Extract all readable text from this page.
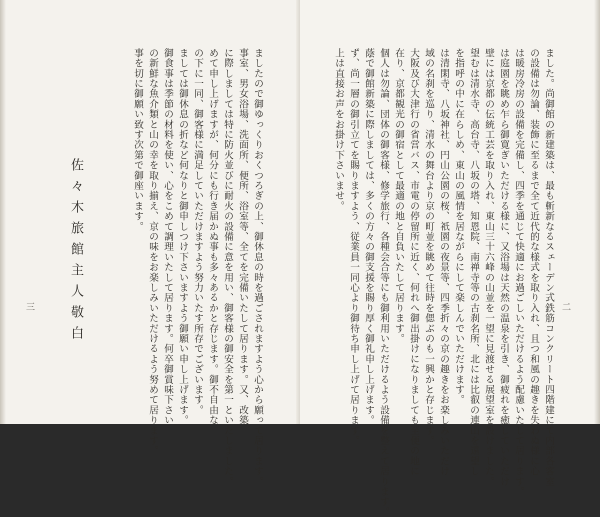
ましたので御ゆっくりおくつろぎの上、御休息の時を過ごされますよう心から願って居ります。
事室、男女浴場、洗面所、便所、浴室等、全てを完備いたして居ります。又、改築
に際しましては特に防火並びに耐火の設備に意を用い、御客様の御安全を第一といたしました。
めて申し上げますが、何分にも行き届かぬ事も多々あるかと存じます。御不自由な
の下に一同、御客様に満足していただけますよう努力いたす所存でございます。
ましては御休息の折など何なりと御申しつけ下さいますよう御願い申し上げます。
御食事は季節の材料を使い、心をこめて調理いたして居ります。何卒御賞味下さい
の新鮮な魚介類と山の幸を取り揃え、京の味をお楽しみいただけるよう努めて居ります。
事を切に御願い致す次第で御座います。
佐々木旅館主人敬白
三	ました。尚御館の新建築は、最も斬新なるスェーデン式鉄筋コンクリート四階建にて内部各客室
の設備は勿論、装飾に至るまで全て近代的な様式を取り入れ、且つ和風の趣きを失わぬ様に心
は暖房冷房の設備を完備し、四季を通じて快適にお過ごしいただけるよう配慮いたして居ります。
は庭園を眺め乍ら御寛ぎいただける様に、又浴場は天然の温泉を引き、御疲れを癒していただけ
壁には京都の伝統工芸を取り入れ、東山三十六峰の山並を一望に見渡せる展望室を設けました。
望むは清水寺、高台寺、八坂の塔、知恩院、南禅寺等の古刹名所、北には比叡の連山を遠望し
を指呼の中に在らしめ、東山の風情を居ながらにして楽しんでいただけます。
は清閑寺、八坂神社、円山公園の桜、祇園の夜景等、四季折々の京の趣きをお楽しみいただけ
域の名刹を巡り、清水の舞台より京の町並を眺めて往時を偲ぶのも一興かと存じます。
大阪及び大津行の省営バス、市電の停留所に近く、何れへ御出掛けになりましても至便の地に
在り、京都観光の御宿として最適の地と自負いたして居ります。
個人は勿論、団体の御客様、修学旅行、各種会合等にも御利用いただけるよう設備を整えて居ります。
蔭で御館新築に際しましては、多くの方々の御支援を賜り厚く御礼申し上げます。
ず、尚一層の御引立てを賜りますよう、従業員一同心より御待ち申し上げて居ります。
上は直接お声をお掛け下さいませ。
二
